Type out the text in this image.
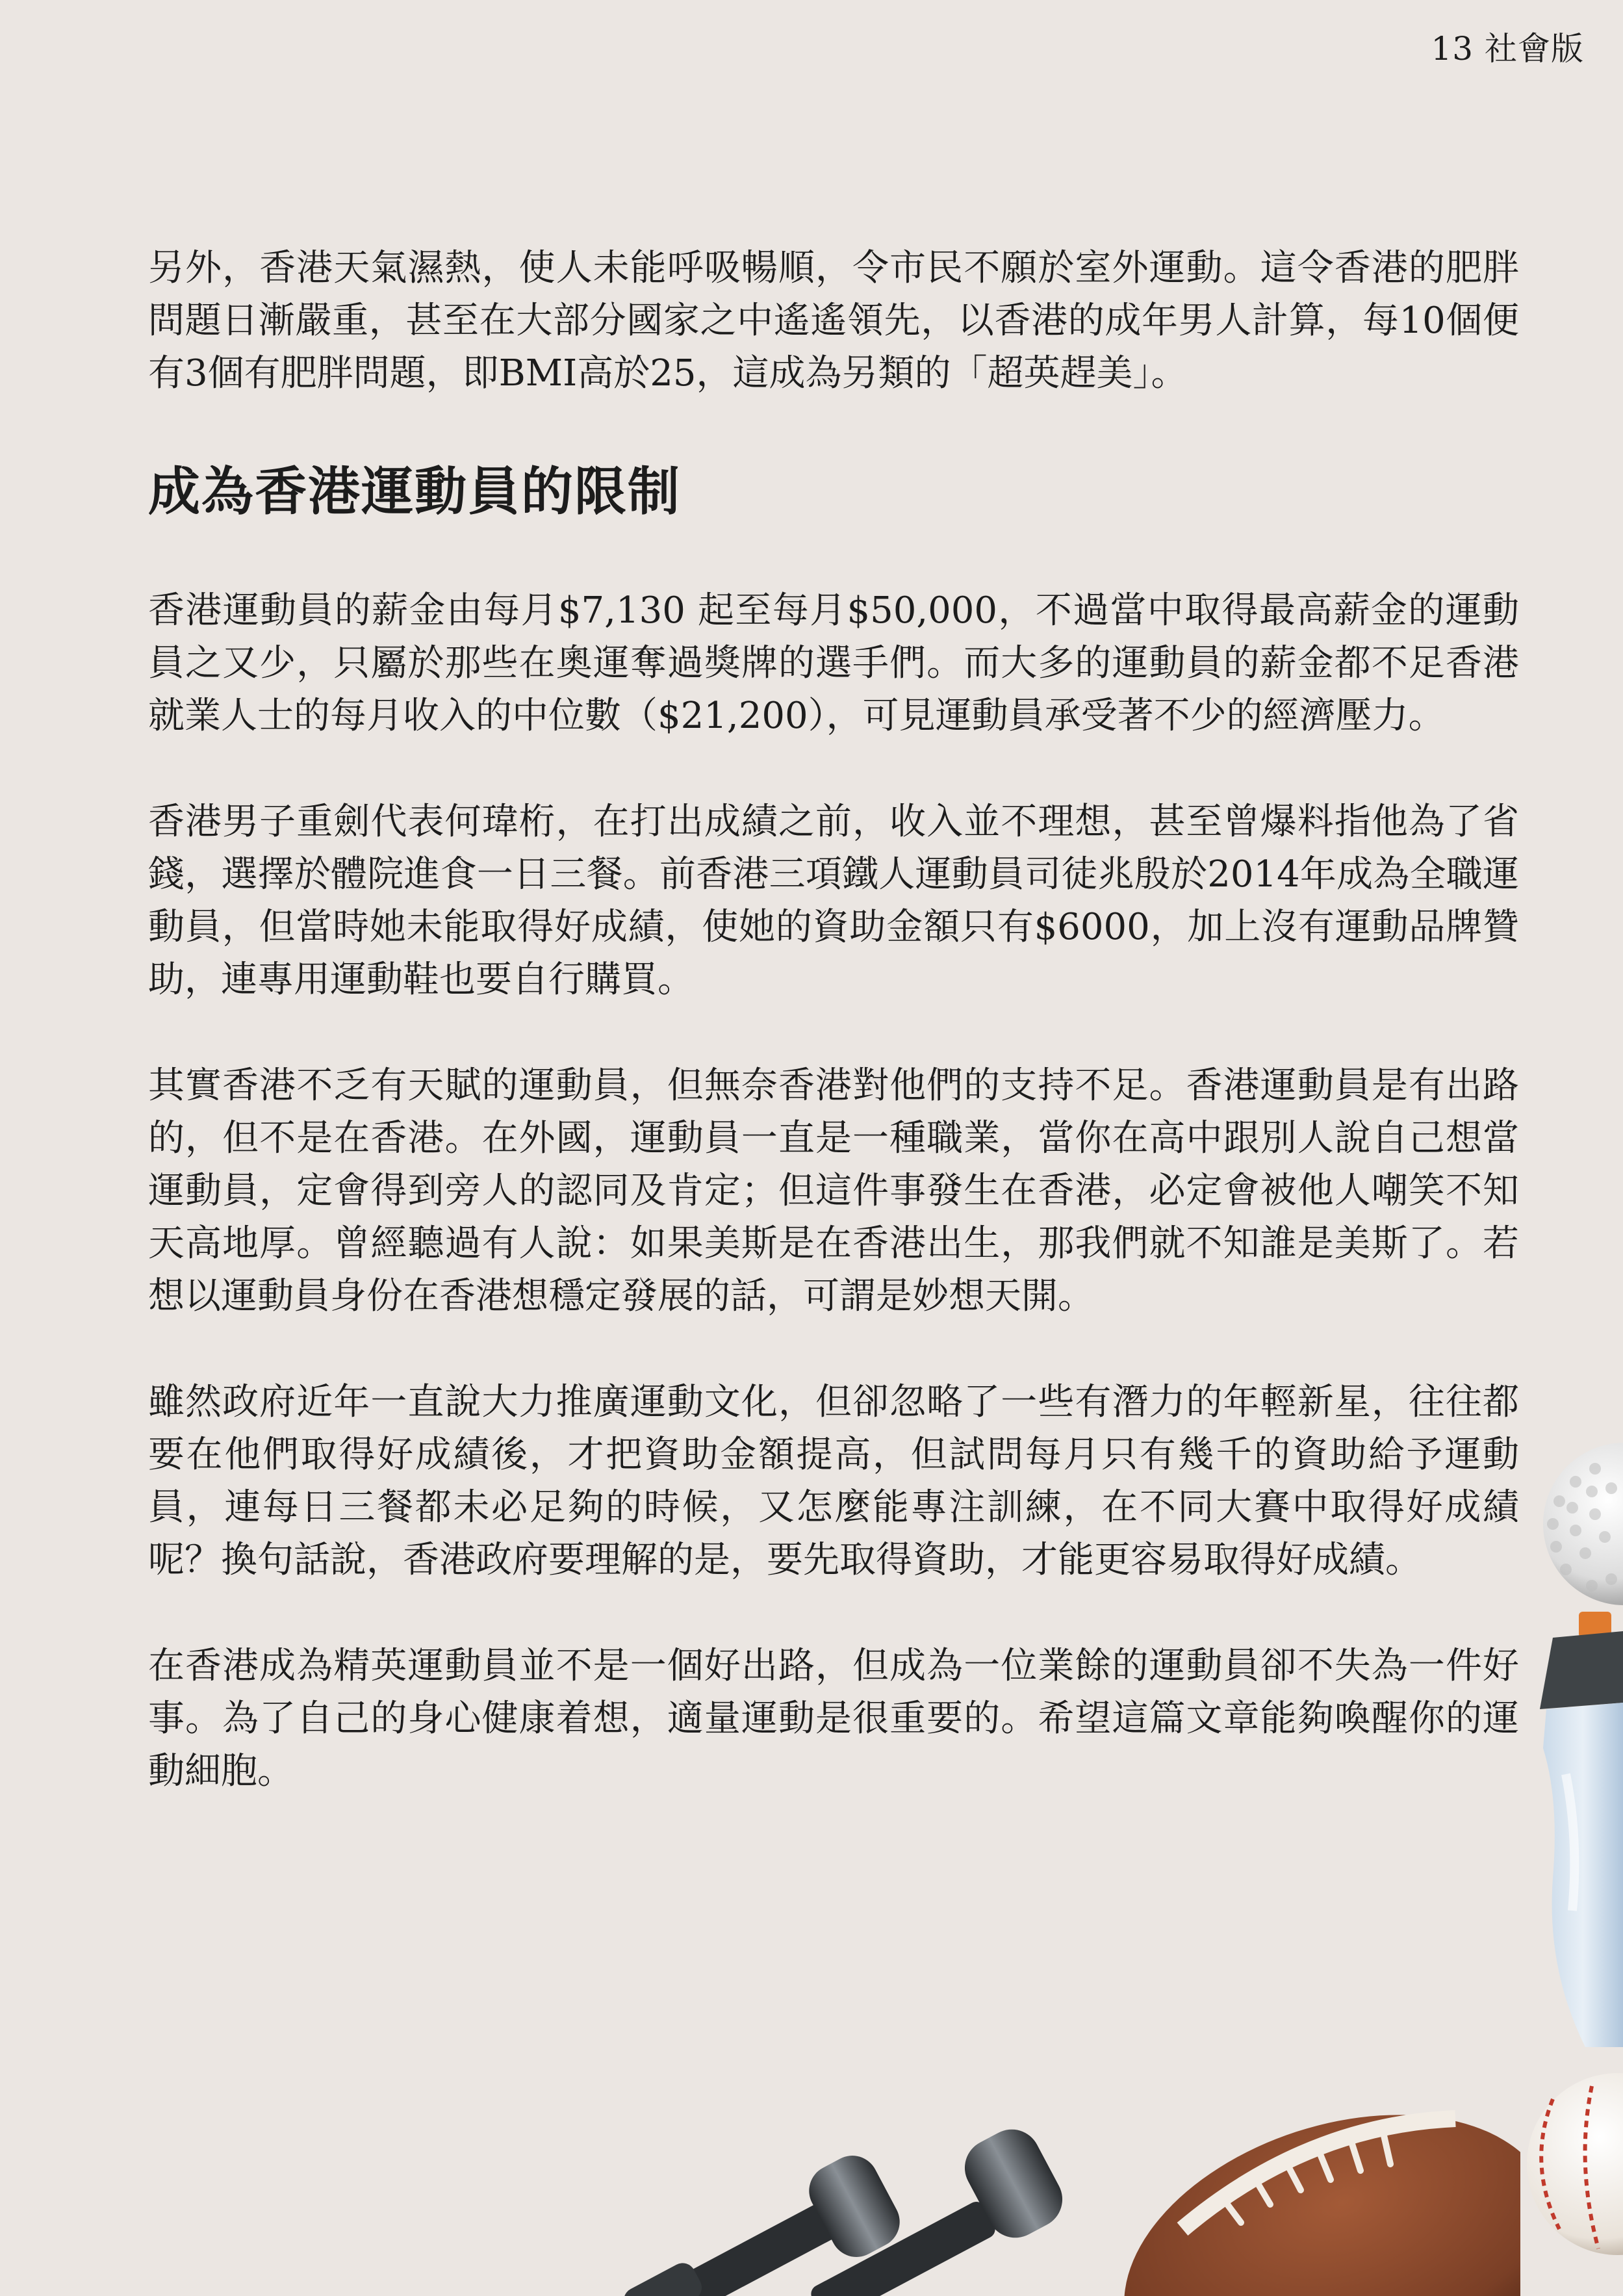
13 社會版

另外，香港天氣濕熱，使人未能呼吸暢順，令市民不願於室外運動。這令香港的肥胖問題日漸嚴重，甚至在大部分國家之中遙遙領先，以香港的成年男人計算，每10個便有3個有肥胖問題，即BMI高於25，這成為另類的「超英趕美」。

成為香港運動員的限制

香港運動員的薪金由每月$7,130 起至每月$50,000，不過當中取得最高薪金的運動員之又少，只屬於那些在奧運奪過獎牌的選手們。而大多的運動員的薪金都不足香港就業人士的每月收入的中位數（$21,200），可見運動員承受著不少的經濟壓力。

香港男子重劍代表何瑋桁，在打出成績之前，收入並不理想，甚至曾爆料指他為了省錢，選擇於體院進食一日三餐。前香港三項鐵人運動員司徒兆殷於2014年成為全職運動員，但當時她未能取得好成績，使她的資助金額只有$6000，加上沒有運動品牌贊助，連專用運動鞋也要自行購買。

其實香港不乏有天賦的運動員，但無奈香港對他們的支持不足。香港運動員是有出路的，但不是在香港。在外國，運動員一直是一種職業，當你在高中跟別人說自己想當運動員，定會得到旁人的認同及肯定；但這件事發生在香港，必定會被他人嘲笑不知天高地厚。曾經聽過有人說：如果美斯是在香港出生，那我們就不知誰是美斯了。若想以運動員身份在香港想穩定發展的話，可謂是妙想天開。

雖然政府近年一直說大力推廣運動文化，但卻忽略了一些有潛力的年輕新星，往往都要在他們取得好成績後，才把資助金額提高，但試問每月只有幾千的資助給予運動員，連每日三餐都未必足夠的時候，又怎麼能專注訓練，在不同大賽中取得好成績呢？換句話說，香港政府要理解的是，要先取得資助，才能更容易取得好成績。

在香港成為精英運動員並不是一個好出路，但成為一位業餘的運動員卻不失為一件好事。為了自己的身心健康着想，適量運動是很重要的。希望這篇文章能夠喚醒你的運動細胞。
